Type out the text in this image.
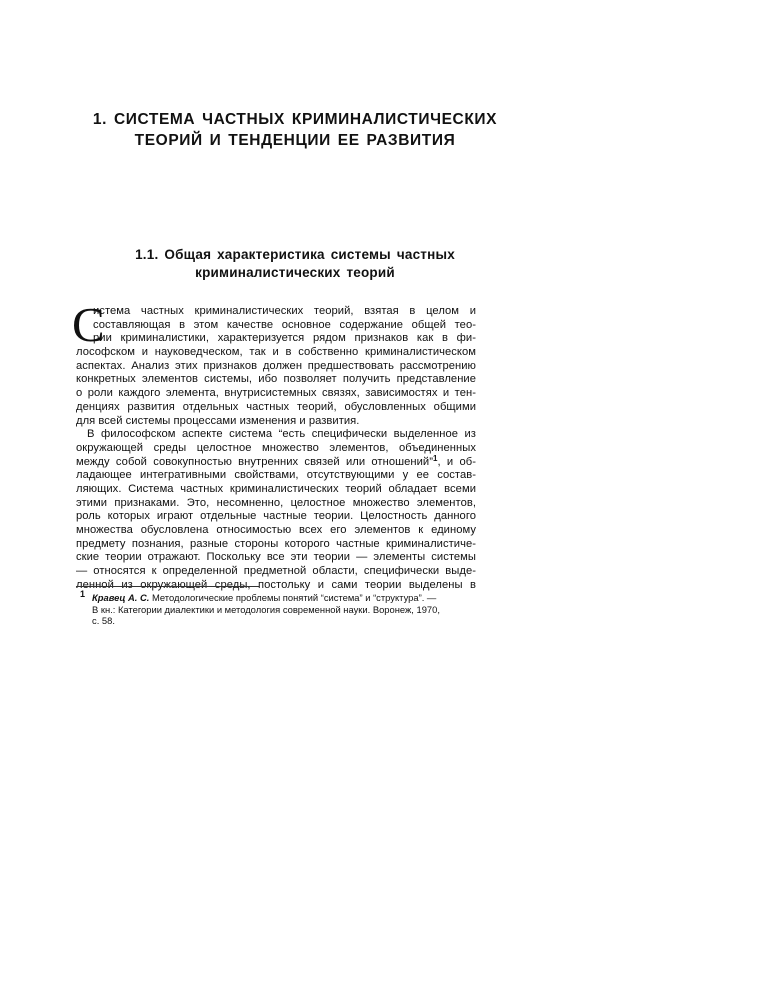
1. СИСТЕМА ЧАСТНЫХ КРИМИНАЛИСТИЧЕСКИХ
ТЕОРИЙ И ТЕНДЕНЦИИ ЕЕ РАЗВИТИЯ
1.1. Общая характеристика системы частных
криминалистических теорий
С

истема частных криминалистических теорий, взятая в целом и
составляющая в этом качестве основное содержание общей тео-
рии криминалистики, характеризуется рядом признаков как в фи-
лософском и науковедческом, так и в собственно криминалистическом
аспектах. Анализ этих признаков должен предшествовать рассмотрению
конкретных элементов системы, ибо позволяет получить представление
о роли каждого элемента, внутрисистемных связях, зависимостях и тен-
денциях развития отдельных частных теорий, обусловленных общими
для всей системы процессами изменения и развития.

В философском аспекте система “есть специфически выделенное из
окружающей среды целостное множество элементов, объединенных
между собой совокупностью внутренних связей или отношений”$^1$, и об-
ладающее интегративными свойствами, отсутствующими у ее состав-
ляющих. Система частных криминалистических теорий обладает всеми
этими признаками. Это, несомненно, целостное множество элементов,
роль которых играют отдельные частные теории. Целостность данного
множества обусловлена относимостью всех его элементов к единому
предмету познания, разные стороны которого частные криминалистиче-
ские теории отражают. Поскольку все эти теории — элементы системы
— относятся к определенной предметной области, специфически выде-
ленной из окружающей среды, постольку и сами теории выделены в

1 Кравец А. С. Методологические проблемы понятий “система” и “структура”. —
В кн.: Категории диалектики и методология современной науки. Воронеж, 1970,
с. 58.
